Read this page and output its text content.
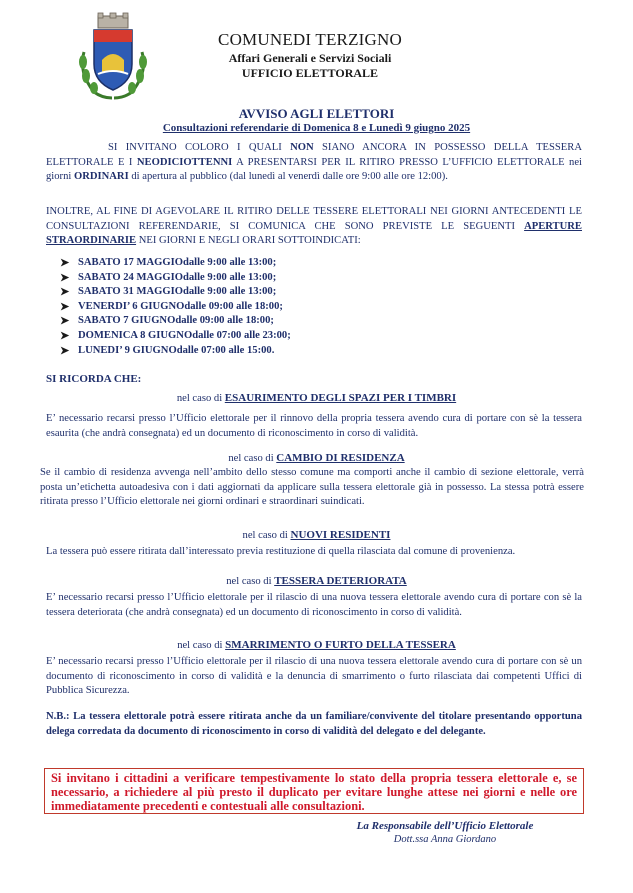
COMUNEDI TERZIGNO
Affari Generali e Servizi Sociali
UFFICIO ELETTORALE
AVVISO AGLI ELETTORI
Consultazioni referendarie di Domenica 8 e Lunedì 9 giugno 2025
SI INVITANO COLORO I QUALI NON SIANO ANCORA IN POSSESSO DELLA TESSERA ELETTORALE E I NEODICIOTTENNI A PRESENTARSI PER IL RITIRO PRESSO L’UFFICIO ELETTORALE nei giorni ORDINARI di apertura al pubblico (dal lunedì al venerdì dalle ore 9:00 alle ore 12:00).
INOLTRE, AL FINE DI AGEVOLARE IL RITIRO DELLE TESSERE ELETTORALI NEI GIORNI ANTECEDENTI LE CONSULTAZIONI REFERENDARIE, SI COMUNICA CHE SONO PREVISTE LE SEGUENTI APERTURE STRAORDINARIE NEI GIORNI E NEGLI ORARI SOTTOINDICATI:
➤ SABATO 17 MAGGIO dalle 9:00 alle 13:00;
➤ SABATO 24 MAGGIO dalle 9:00 alle 13:00;
➤ SABATO 31 MAGGIO dalle 9:00 alle 13:00;
➤ VENERDI’ 6 GIUGNO dalle 09:00 alle 18:00;
➤ SABATO 7 GIUGNO dalle 09:00 alle 18:00;
➤ DOMENICA 8 GIUGNO dalle 07:00 alle 23:00;
➤ LUNEDI’ 9 GIUGNO dalle 07:00 alle 15:00.
SI RICORDA CHE:
nel caso di ESAURIMENTO DEGLI SPAZI PER I TIMBRI
E’ necessario recarsi presso l’Ufficio elettorale per il rinnovo della propria tessera avendo cura di portare con sè la tessera esaurita (che andrà consegnata) ed un documento di riconoscimento in corso di validità.
nel caso di CAMBIO DI RESIDENZA
Se il cambio di residenza avvenga nell’ambito dello stesso comune ma comporti anche il cambio di sezione elettorale, verrà posta un’etichetta autoadesiva con i dati aggiornati da applicare sulla tessera elettorale già in possesso. La stessa potrà essere ritirata presso l’Ufficio elettorale nei giorni ordinari e straordinari suindicati.
nel caso di NUOVI RESIDENTI
La tessera può essere ritirata dall’interessato previa restituzione di quella rilasciata dal comune di provenienza.
nel caso di TESSERA DETERIORATA
E’ necessario recarsi presso l’Ufficio elettorale per il rilascio di una nuova tessera elettorale avendo cura di portare con sè la tessera deteriorata (che andrà consegnata) ed un documento di riconoscimento in corso di validità.
nel caso di SMARRIMENTO O FURTO DELLA TESSERA
E’ necessario recarsi presso l’Ufficio elettorale per il rilascio di una nuova tessera elettorale avendo cura di portare con sè un documento di riconoscimento in corso di validità e la denuncia di smarrimento o furto rilasciata dai competenti Uffici di Pubblica Sicurezza.
N.B.: La tessera elettorale potrà essere ritirata anche da un familiare/convivente del titolare presentando opportuna delega corredata da documento di riconoscimento in corso di validità del delegato e del delegante.
Si invitano i cittadini a verificare tempestivamente lo stato della propria tessera elettorale e, se necessario, a richiedere al più presto il duplicato per evitare lunghe attese nei giorni e nelle ore immediatamente precedenti e contestuali alle consultazioni.
La Responsabile dell’Ufficio Elettorale
Dott.ssa Anna Giordano
